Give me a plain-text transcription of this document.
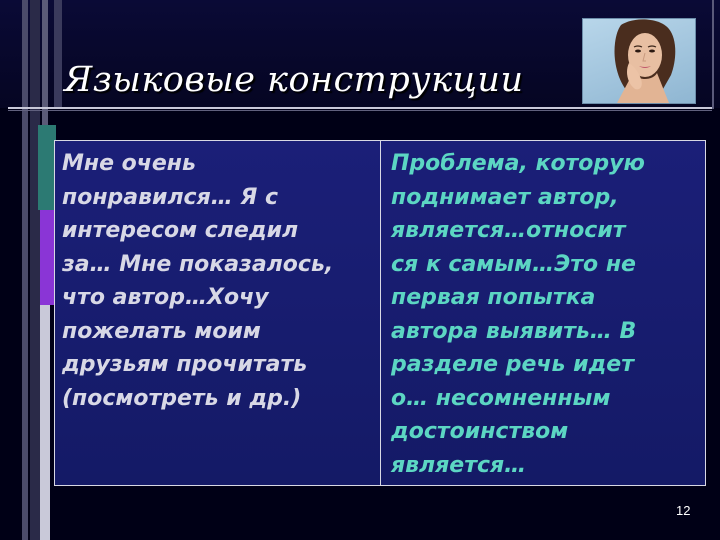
Языковые конструкции
Мне очень
понравился… Я с
интересом следил
за… Мне показалось,
что автор…Хочу
пожелать моим
друзьям прочитать
(посмотреть и др.)
Проблема, которую
поднимает автор,
является…относит
ся к самым…Это не
первая попытка
автора выявить… В
разделе речь идет
о… несомненным
достоинством
является…
12
